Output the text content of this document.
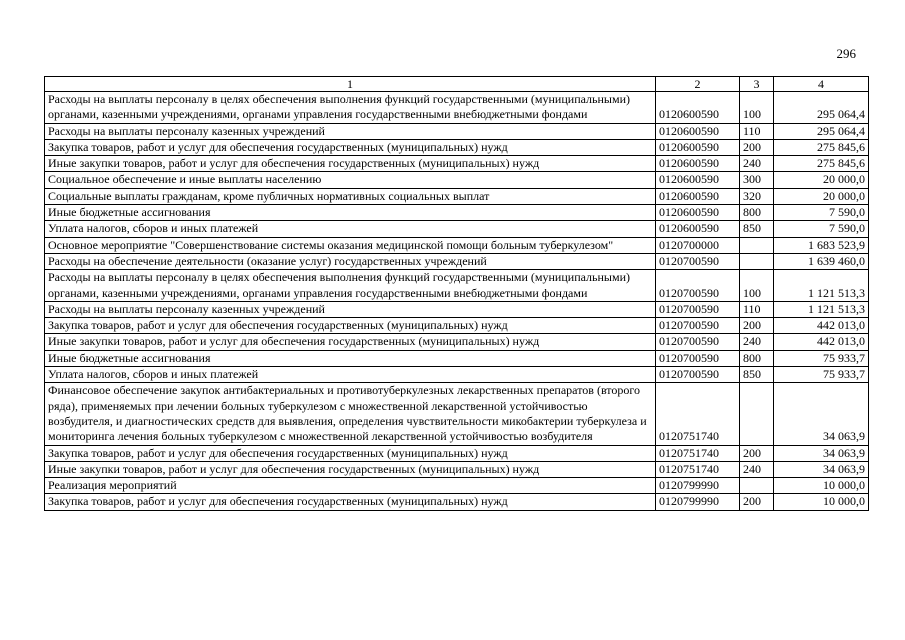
296
1	2	3	4
Расходы на выплаты персоналу в целях обеспечения выполнения функций государственными (муниципальными) органами, казенными учреждениями, органами управления государственными внебюджетными фондами	0120600590	100	295 064,4
Расходы на выплаты персоналу казенных учреждений	0120600590	110	295 064,4
Закупка товаров, работ и услуг для обеспечения государственных (муниципальных) нужд	0120600590	200	275 845,6
Иные закупки товаров, работ и услуг для обеспечения государственных (муниципальных) нужд	0120600590	240	275 845,6
Социальное обеспечение и иные выплаты населению	0120600590	300	20 000,0
Социальные выплаты гражданам, кроме публичных нормативных социальных выплат	0120600590	320	20 000,0
Иные бюджетные ассигнования	0120600590	800	7 590,0
Уплата налогов, сборов и иных платежей	0120600590	850	7 590,0
Основное мероприятие "Совершенствование системы оказания медицинской помощи больным туберкулезом"	0120700000		1 683 523,9
Расходы на обеспечение деятельности (оказание услуг) государственных учреждений	0120700590		1 639 460,0
Расходы на выплаты персоналу в целях обеспечения выполнения функций государственными (муниципальными) органами, казенными учреждениями, органами управления государственными внебюджетными фондами	0120700590	100	1 121 513,3
Расходы на выплаты персоналу казенных учреждений	0120700590	110	1 121 513,3
Закупка товаров, работ и услуг для обеспечения государственных (муниципальных) нужд	0120700590	200	442 013,0
Иные закупки товаров, работ и услуг для обеспечения государственных (муниципальных) нужд	0120700590	240	442 013,0
Иные бюджетные ассигнования	0120700590	800	75 933,7
Уплата налогов, сборов и иных платежей	0120700590	850	75 933,7
Финансовое обеспечение закупок антибактериальных и противотуберкулезных лекарственных препаратов (второго ряда), применяемых при лечении больных туберкулезом с множественной лекарственной устойчивостью возбудителя, и диагностических средств для выявления, определения чувствительности микобактерии туберкулеза и мониторинга лечения больных туберкулезом с множественной лекарственной устойчивостью возбудителя	0120751740		34 063,9
Закупка товаров, работ и услуг для обеспечения государственных (муниципальных) нужд	0120751740	200	34 063,9
Иные закупки товаров, работ и услуг для обеспечения государственных (муниципальных) нужд	0120751740	240	34 063,9
Реализация мероприятий	0120799990		10 000,0
Закупка товаров, работ и услуг для обеспечения государственных (муниципальных) нужд	0120799990	200	10 000,0
